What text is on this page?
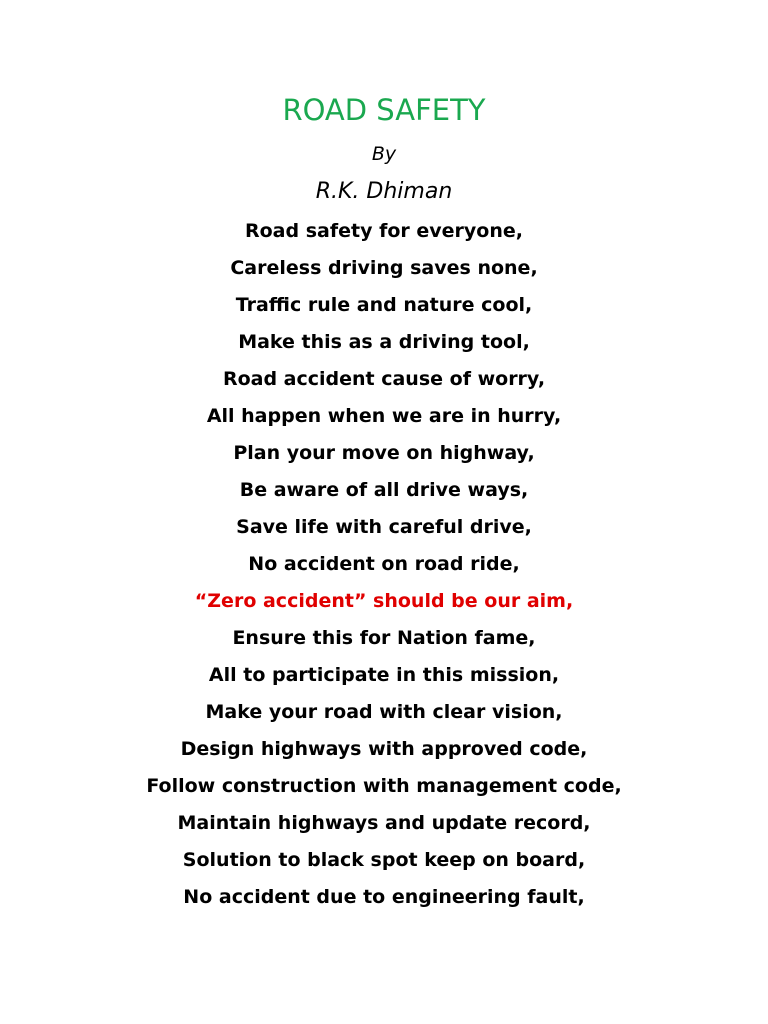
ROAD SAFETY
By
R.K. Dhiman
Road safety for everyone,
Careless driving saves none,
Traffic rule and nature cool,
Make this as a driving tool,
Road accident cause of worry,
All happen when we are in hurry,
Plan your move on highway,
Be aware of all drive ways,
Save life with careful drive,
No accident on road ride,
“Zero accident” should be our aim,
Ensure this for Nation fame,
All to participate in this mission,
Make your road with clear vision,
Design highways with approved code,
Follow construction with management code,
Maintain highways and update record,
Solution to black spot keep on board,
No accident due to engineering fault,
